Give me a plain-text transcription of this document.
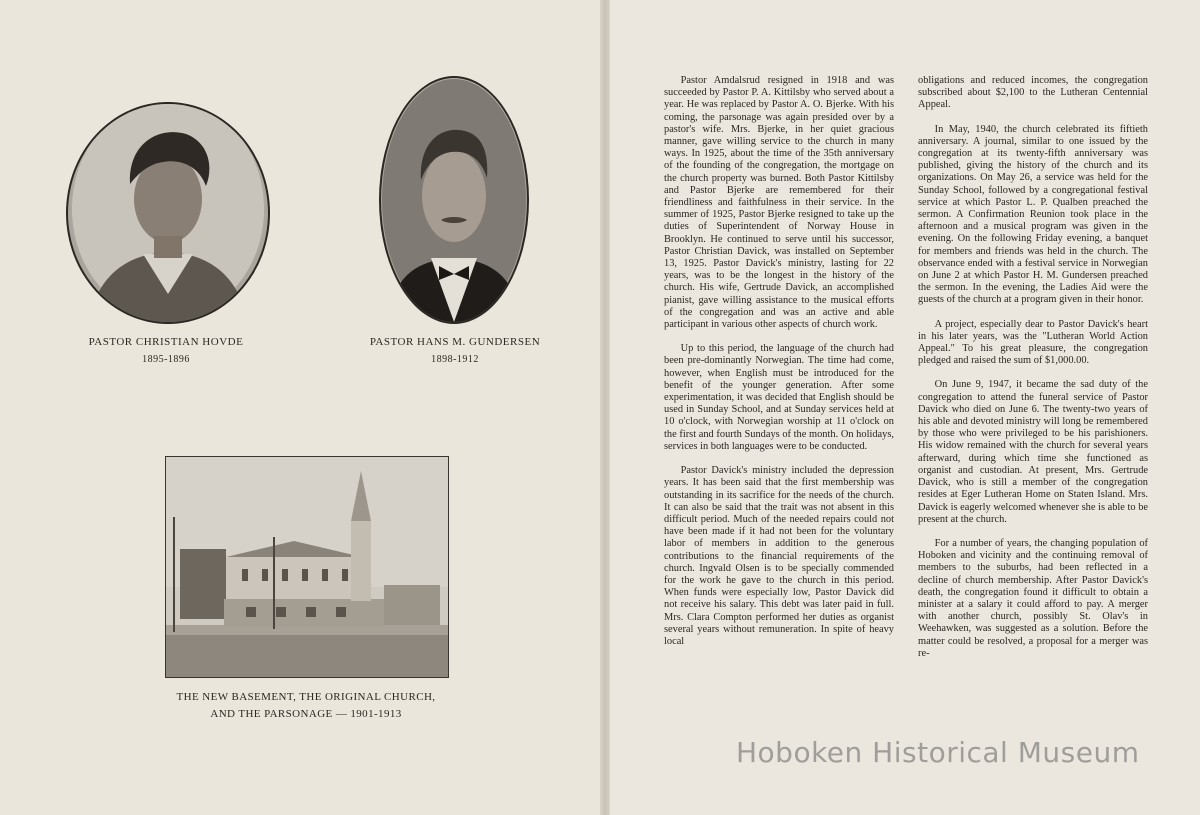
PASTOR CHRISTIAN HOVDE
1895-1896
PASTOR HANS M. GUNDERSEN
1898-1912
THE NEW BASEMENT, THE ORIGINAL CHURCH,
AND THE PARSONAGE — 1901-1913

Pastor Amdalsrud resigned in 1918 and was succeeded by Pastor P. A. Kittilsby who served about a year. He was replaced by Pastor A. O. Bjerke. With his coming, the parsonage was again presided over by a pastor's wife. Mrs. Bjerke, in her quiet gracious manner, gave willing service to the church in many ways. In 1925, about the time of the 35th anniversary of the founding of the congregation, the mortgage on the church property was burned. Both Pastor Kittilsby and Pastor Bjerke are remembered for their friendliness and faithfulness in their service. In the summer of 1925, Pastor Bjerke resigned to take up the duties of Superintendent of Norway House in Brooklyn. He continued to serve until his successor, Pastor Christian Davick, was installed on September 13, 1925. Pastor Davick's ministry, lasting for 22 years, was to be the longest in the history of the church. His wife, Gertrude Davick, an accomplished pianist, gave willing assistance to the musical efforts of the congregation and was an active and able participant in various other aspects of church work.

Up to this period, the language of the church had been pre-dominantly Norwegian. The time had come, however, when English must be introduced for the benefit of the younger generation. After some experimentation, it was decided that English should be used in Sunday School, and at Sunday services held at 10 o'clock, with Norwegian worship at 11 o'clock on the first and fourth Sundays of the month. On holidays, services in both languages were to be conducted.

Pastor Davick's ministry included the depression years. It has been said that the first membership was outstanding in its sacrifice for the needs of the church. It can also be said that the trait was not absent in this difficult period. Much of the needed repairs could not have been made if it had not been for the voluntary labor of members in addition to the generous contributions to the financial requirements of the church. Ingvald Olsen is to be specially commended for the work he gave to the church in this period. When funds were especially low, Pastor Davick did not receive his salary. This debt was later paid in full. Mrs. Clara Compton performed her duties as organist several years without remuneration. In spite of heavy local

obligations and reduced incomes, the congregation subscribed about $2,100 to the Lutheran Centennial Appeal.

In May, 1940, the church celebrated its fiftieth anniversary. A journal, similar to one issued by the congregation at its twenty-fifth anniversary was published, giving the history of the church and its organizations. On May 26, a service was held for the Sunday School, followed by a congregational festival service at which Pastor L. P. Qualben preached the sermon. A Confirmation Reunion took place in the afternoon and a musical program was given in the evening. On the following Friday evening, a banquet for members and friends was held in the church. The observance ended with a festival service in Norwegian on June 2 at which Pastor H. M. Gundersen preached the sermon. In the evening, the Ladies Aid were the guests of the church at a program given in their honor.

A project, especially dear to Pastor Davick's heart in his later years, was the "Lutheran World Action Appeal." To his great pleasure, the congregation pledged and raised the sum of $1,000.00.

On June 9, 1947, it became the sad duty of the congregation to attend the funeral service of Pastor Davick who died on June 6. The twenty-two years of his able and devoted ministry will long be remembered by those who were privileged to be his parishioners. His widow remained with the church for several years afterward, during which time she functioned as organist and custodian. At present, Mrs. Gertrude Davick, who is still a member of the congregation resides at Eger Lutheran Home on Staten Island. Mrs. Davick is eagerly welcomed whenever she is able to be present at the church.

For a number of years, the changing population of Hoboken and vicinity and the continuing removal of members to the suburbs, had been reflected in a decline of church membership. After Pastor Davick's death, the congregation found it difficult to obtain a minister at a salary it could afford to pay. A merger with another church, possibly St. Olav's in Weehawken, was suggested as a solution. Before the matter could be resolved, a proposal for a merger was re-

Hoboken Historical Museum
